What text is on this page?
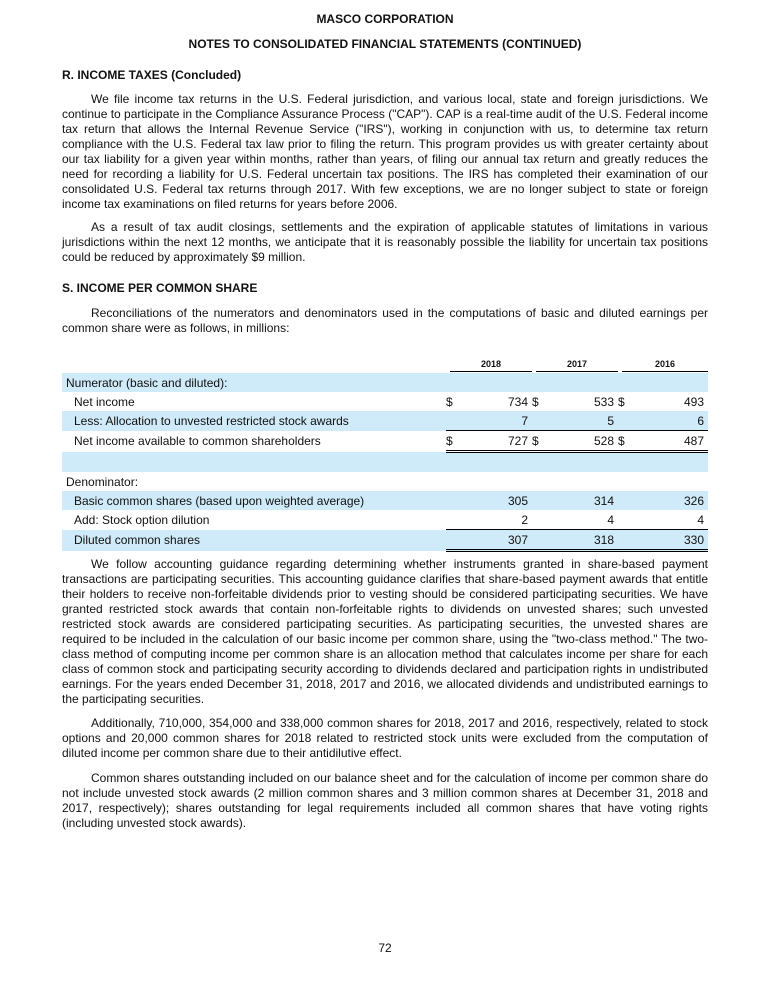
MASCO CORPORATION
NOTES TO CONSOLIDATED FINANCIAL STATEMENTS (CONTINUED)
R. INCOME TAXES (Concluded)

We file income tax returns in the U.S. Federal jurisdiction, and various local, state and foreign jurisdictions. We continue to participate in the Compliance Assurance Process ("CAP"). CAP is a real-time audit of the U.S. Federal income tax return that allows the Internal Revenue Service ("IRS"), working in conjunction with us, to determine tax return compliance with the U.S. Federal tax law prior to filing the return. This program provides us with greater certainty about our tax liability for a given year within months, rather than years, of filing our annual tax return and greatly reduces the need for recording a liability for U.S. Federal uncertain tax positions. The IRS has completed their examination of our consolidated U.S. Federal tax returns through 2017. With few exceptions, we are no longer subject to state or foreign income tax examinations on filed returns for years before 2006.

As a result of tax audit closings, settlements and the expiration of applicable statutes of limitations in various jurisdictions within the next 12 months, we anticipate that it is reasonably possible the liability for uncertain tax positions could be reduced by approximately $9 million.

S. INCOME PER COMMON SHARE

Reconciliations of the numerators and denominators used in the computations of basic and diluted earnings per common share were as follows, in millions:

	2018		2017		2016	

Numerator (basic and diluted):						
Net income	$	734	$	533	$	493
Less: Allocation to unvested restricted stock awards		7		5		6
Net income available to common shareholders	$	727	$	528	$	487

Denominator:						
Basic common shares (based upon weighted average)		305		314		326
Add: Stock option dilution		2		4		4
Diluted common shares		307		318		330

We follow accounting guidance regarding determining whether instruments granted in share-based payment transactions are participating securities. This accounting guidance clarifies that share-based payment awards that entitle their holders to receive non-forfeitable dividends prior to vesting should be considered participating securities. We have granted restricted stock awards that contain non-forfeitable rights to dividends on unvested shares; such unvested restricted stock awards are considered participating securities. As participating securities, the unvested shares are required to be included in the calculation of our basic income per common share, using the "two-class method." The two-class method of computing income per common share is an allocation method that calculates income per share for each class of common stock and participating security according to dividends declared and participation rights in undistributed earnings. For the years ended December 31, 2018, 2017 and 2016, we allocated dividends and undistributed earnings to the participating securities.

Additionally, 710,000, 354,000 and 338,000 common shares for 2018, 2017 and 2016, respectively, related to stock options and 20,000 common shares for 2018 related to restricted stock units were excluded from the computation of diluted income per common share due to their antidilutive effect.

Common shares outstanding included on our balance sheet and for the calculation of income per common share do not include unvested stock awards (2 million common shares and 3 million common shares at December 31, 2018 and 2017, respectively); shares outstanding for legal requirements included all common shares that have voting rights (including unvested stock awards).

72
